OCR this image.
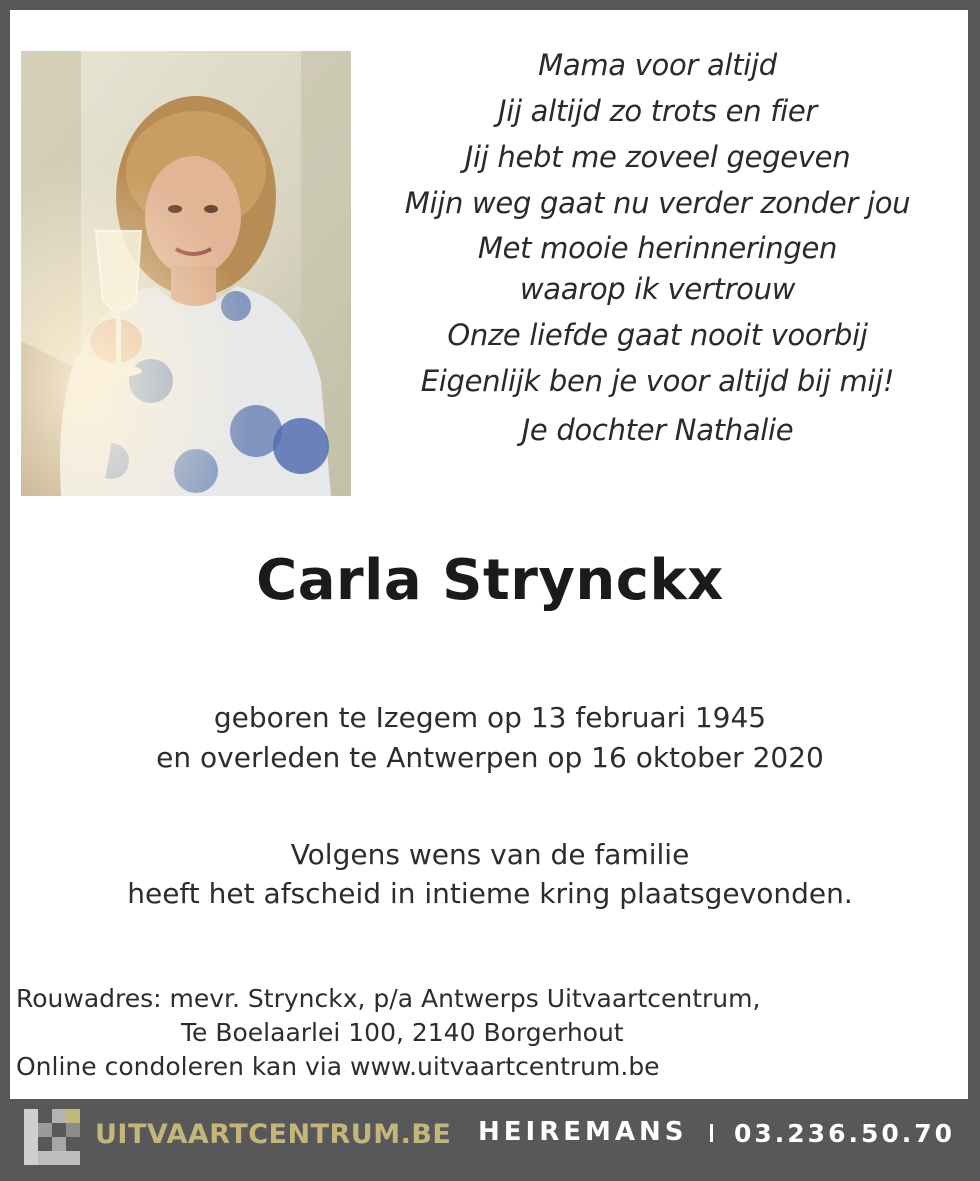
Mama voor altijd
Jij altijd zo trots en fier
Jij hebt me zoveel gegeven
Mijn weg gaat nu verder zonder jou
Met mooie herinneringen
waarop ik vertrouw
Onze liefde gaat nooit voorbij
Eigenlijk ben je voor altijd bij mij!
Je dochter Nathalie
Carla Strynckx
geboren te Izegem op 13 februari 1945
en overleden te Antwerpen op 16 oktober 2020
Volgens wens van de familie
heeft het afscheid in intieme kring plaatsgevonden.
Rouwadres: mevr. Strynckx, p/a Antwerps Uitvaartcentrum,
Te Boelaarlei 100, 2140 Borgerhout
Online condoleren kan via www.uitvaartcentrum.be
UITVAARTCENTRUM.BE HEIREMANS 03.236.50.70
